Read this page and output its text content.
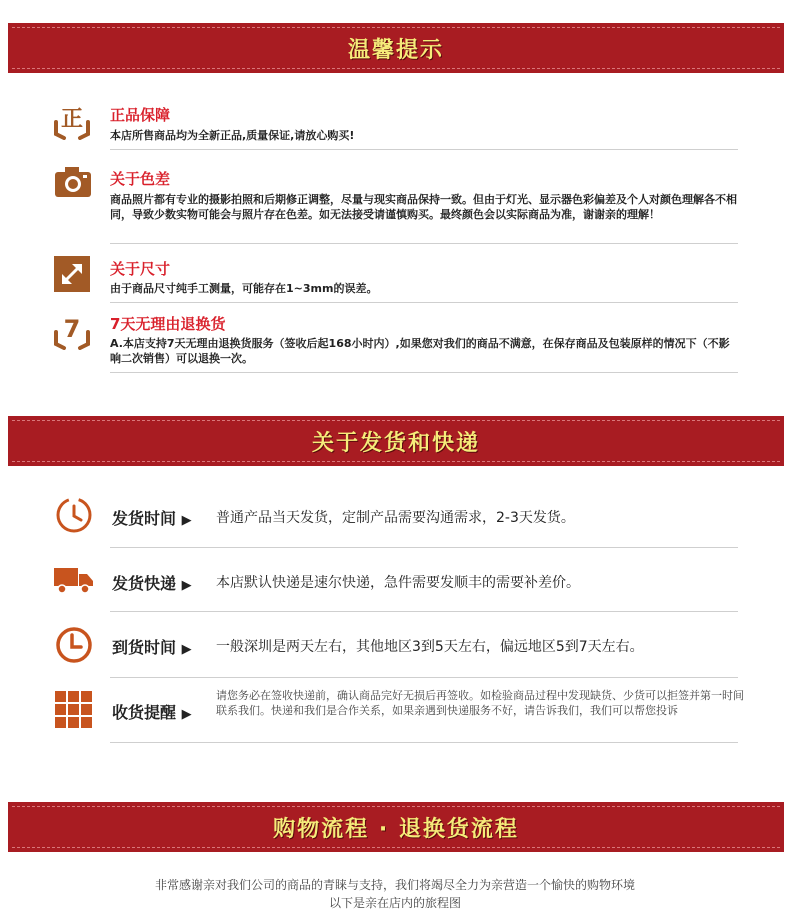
温馨提示
正 正品保障
本店所售商品均为全新正品,质量保证,请放心购买!
关于色差
商品照片都有专业的摄影拍照和后期修正调整，尽量与现实商品保持一致。但由于灯光、显示器色彩偏差及个人对颜色理解各不相同，导致少数实物可能会与照片存在色差。如无法接受请谨慎购买。最终颜色会以实际商品为准，谢谢亲的理解！
关于尺寸
由于商品尺寸纯手工测量，可能存在1~3mm的误差。
7 7天无理由退换货
A.本店支持7天无理由退换货服务（签收后起168小时内）,如果您对我们的商品不满意，在保存商品及包装原样的情况下（不影响二次销售）可以退换一次。
关于发货和快递
发货时间 ▶ 普通产品当天发货，定制产品需要沟通需求，2-3天发货。
发货快递 ▶ 本店默认快递是速尔快递，急件需要发顺丰的需要补差价。
到货时间 ▶ 一般深圳是两天左右，其他地区3到5天左右，偏远地区5到7天左右。
收货提醒 ▶
请您务必在签收快递前，确认商品完好无损后再签收。如检验商品过程中发现缺货、少货可以拒签并第一时间联系我们。快递和我们是合作关系，如果亲遇到快递服务不好，请告诉我们，我们可以帮您投诉
购物流程 · 退换货流程
非常感谢亲对我们公司的商品的青睐与支持，我们将竭尽全力为亲营造一个愉快的购物环境
以下是亲在店内的旅程图
